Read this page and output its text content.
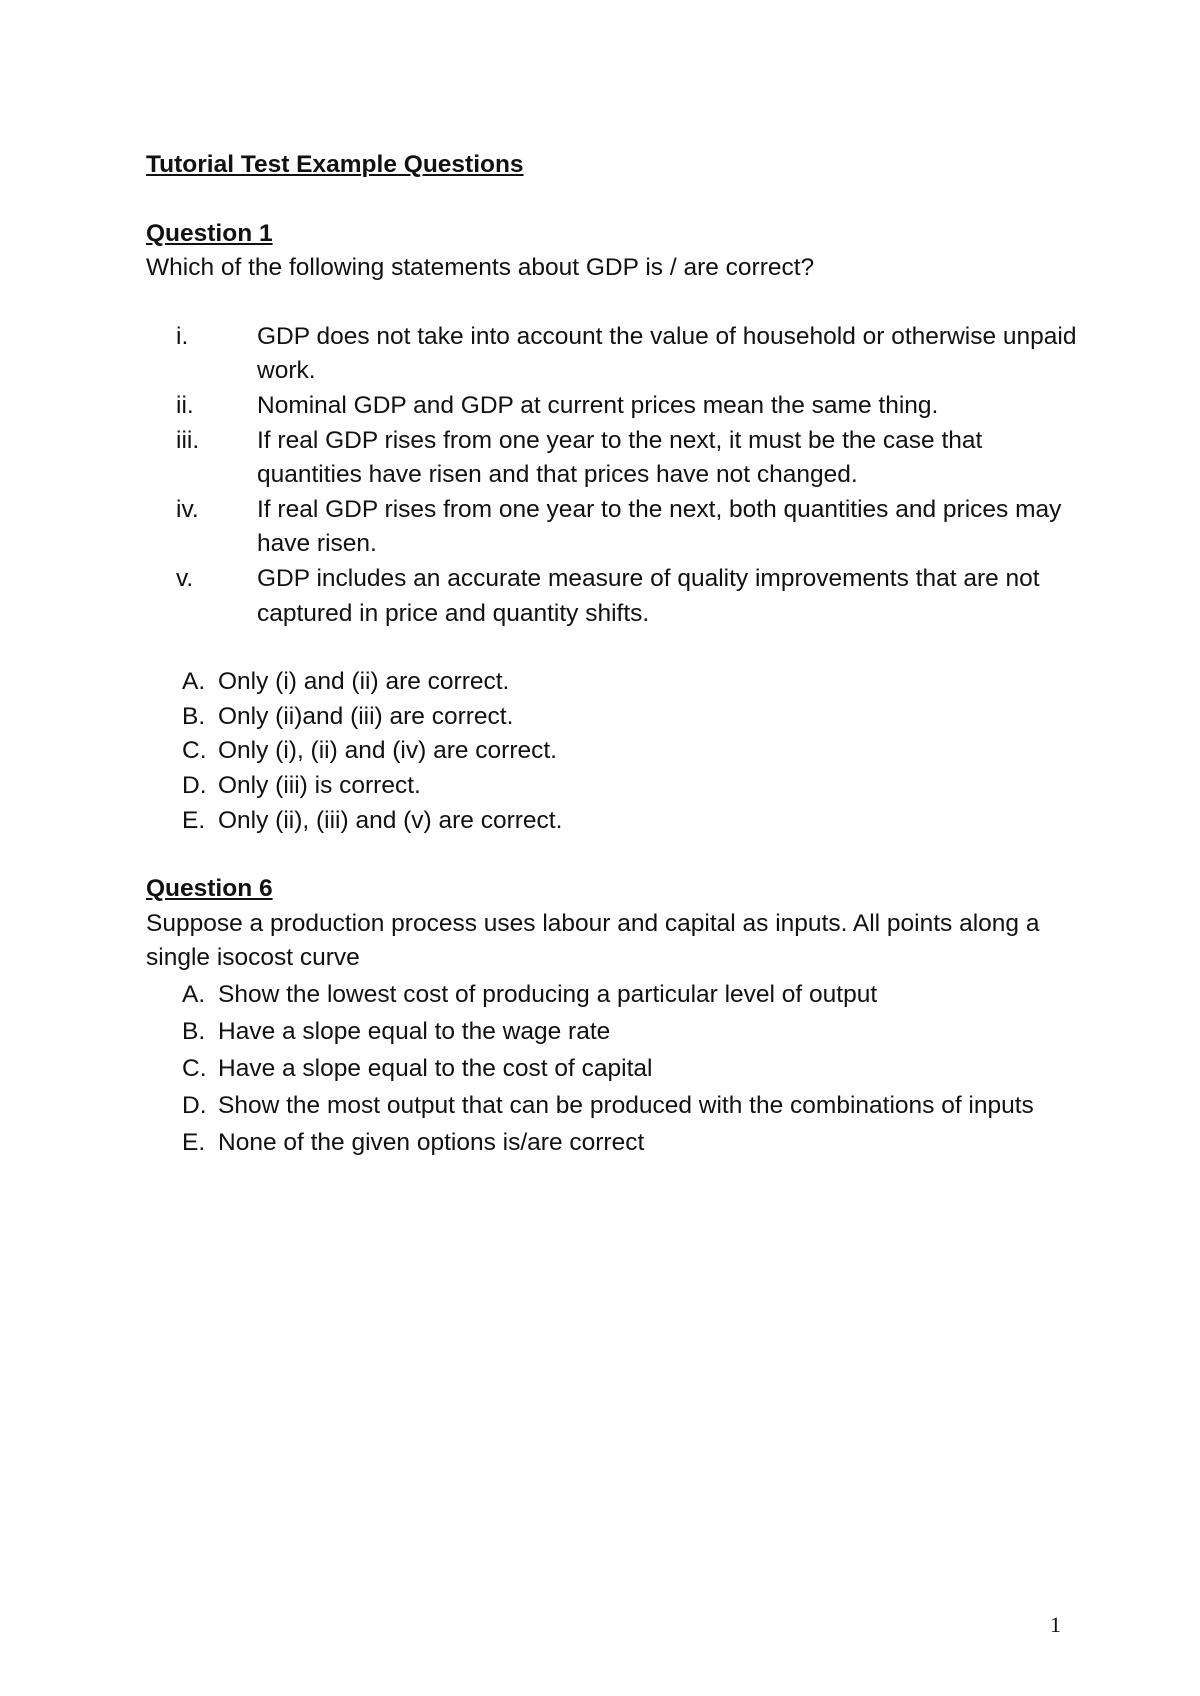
Tutorial Test Example Questions
Question 1
Which of the following statements about GDP is / are correct?
i.	GDP does not take into account the value of household or otherwise unpaid work.
ii.	Nominal GDP and GDP at current prices mean the same thing.
iii.	If real GDP rises from one year to the next, it must be the case that quantities have risen and that prices have not changed.
iv.	If real GDP rises from one year to the next, both quantities and prices may have risen.
v.	GDP includes an accurate measure of quality improvements that are not captured in price and quantity shifts.
A. Only (i) and (ii) are correct.
B. Only (ii)and (iii) are correct.
C. Only (i), (ii) and (iv) are correct.
D. Only (iii) is correct.
E. Only (ii), (iii) and (v) are correct.
Question 6
Suppose a production process uses labour and capital as inputs. All points along a single isocost curve
A. Show the lowest cost of producing a particular level of output
B. Have a slope equal to the wage rate
C. Have a slope equal to the cost of capital
D. Show the most output that can be produced with the combinations of inputs
E. None of the given options is/are correct
1
